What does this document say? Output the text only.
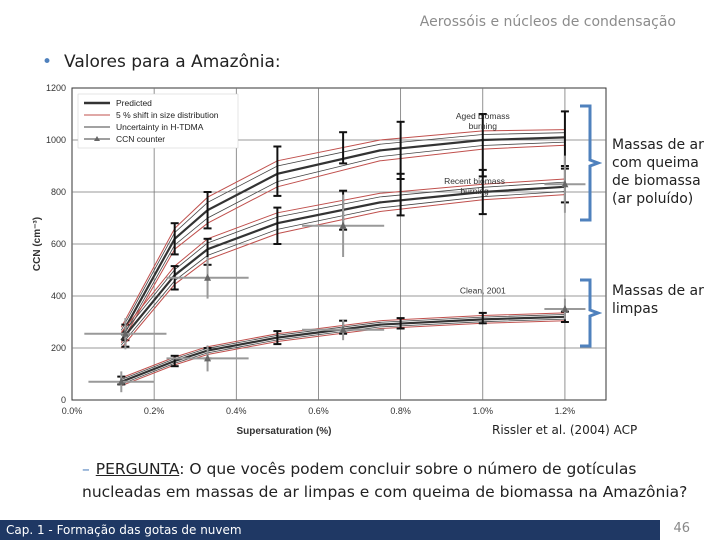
Aerossóis e núcleos de condensação
• Valores para a Amazônia:
0.0%	0.2%	0.4%	0.6%	0.8%	1.0%	1.2%
0
200
400
600
800
1000
1200
Supersaturation (%)
CCN (cm⁻³)
Aged biomass
burning
Recent biomass
burning
Clean, 2001
Predicted
5 % shift in size distribution
Uncertainty in H-TDMA
CCN counter	Massas de ar
com queima
de biomassa
(ar poluído)
Massas de ar
limpas
Rissler et al. (2004) ACP
– PERGUNTA: O que vocês podem concluir sobre o número de gotículas nucleadas em massas de ar limpas e com queima de biomassa na Amazônia?
Cap. 1 - Formação das gotas de nuvem	46
